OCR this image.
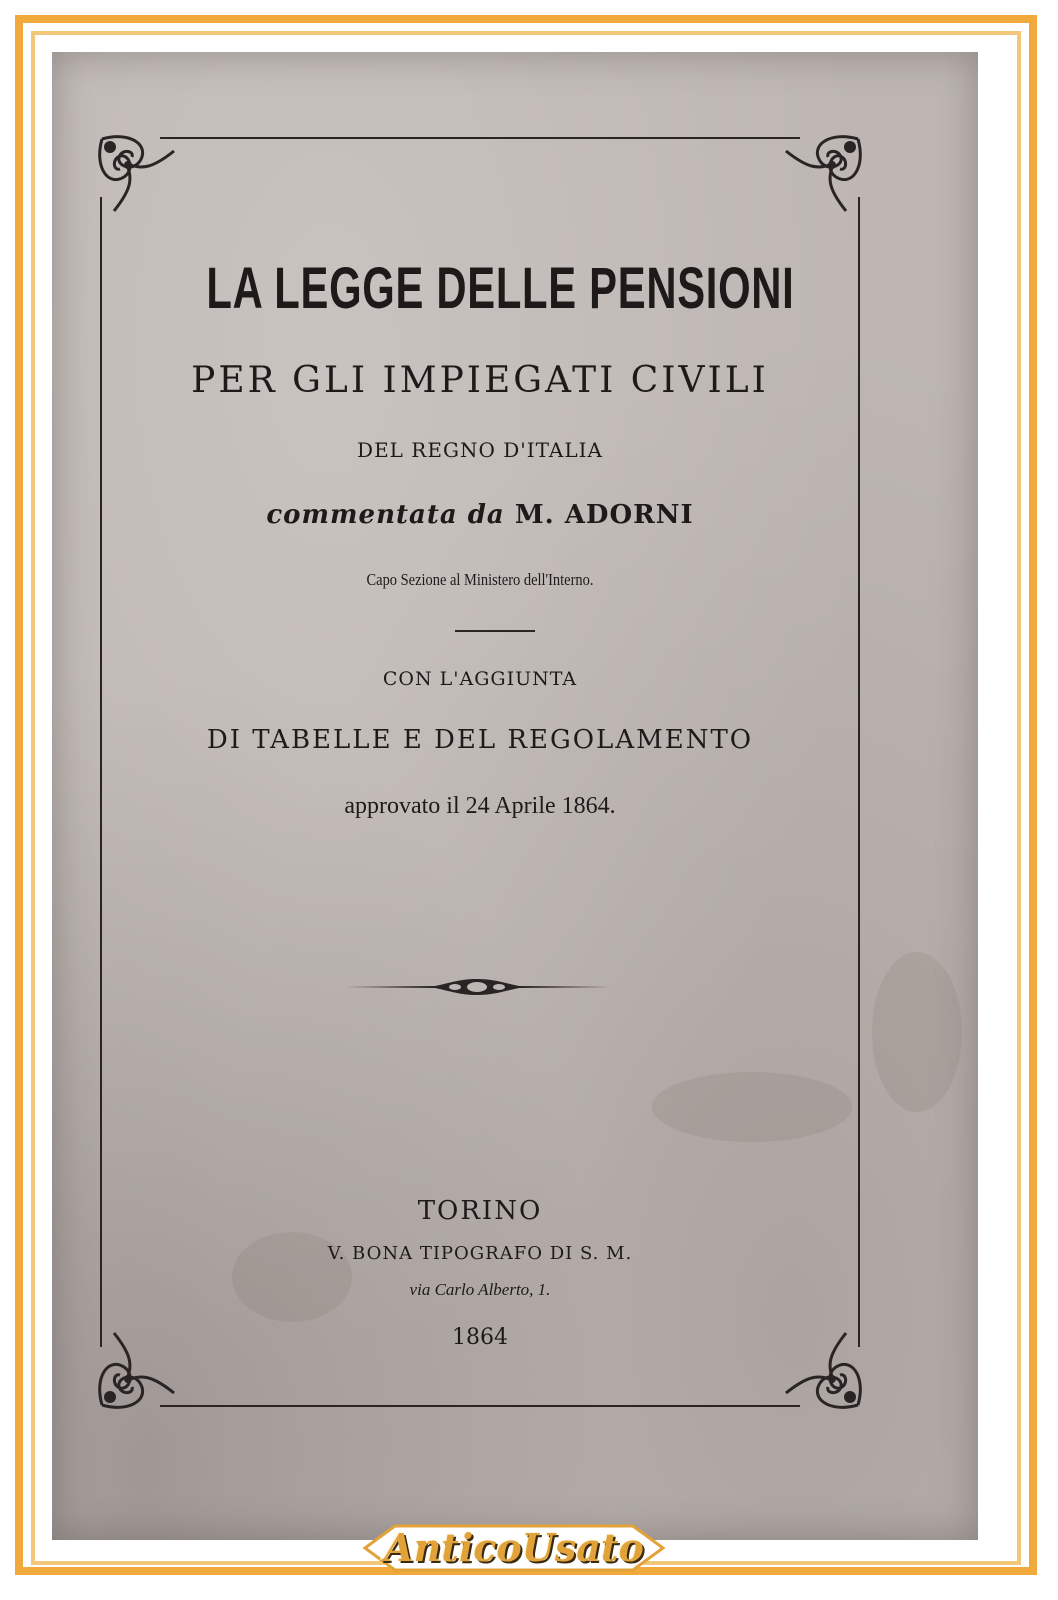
LA LEGGE DELLE PENSIONI
PER GLI IMPIEGATI CIVILI
DEL REGNO D'ITALIA
commentata da M. ADORNI
Capo Sezione al Ministero dell'Interno.
CON L'AGGIUNTA
DI TABELLE E DEL REGOLAMENTO
approvato il 24 Aprile 1864.
TORINO
V. BONA TIPOGRAFO DI S. M.
via Carlo Alberto, 1.
1864
AnticoUsato
